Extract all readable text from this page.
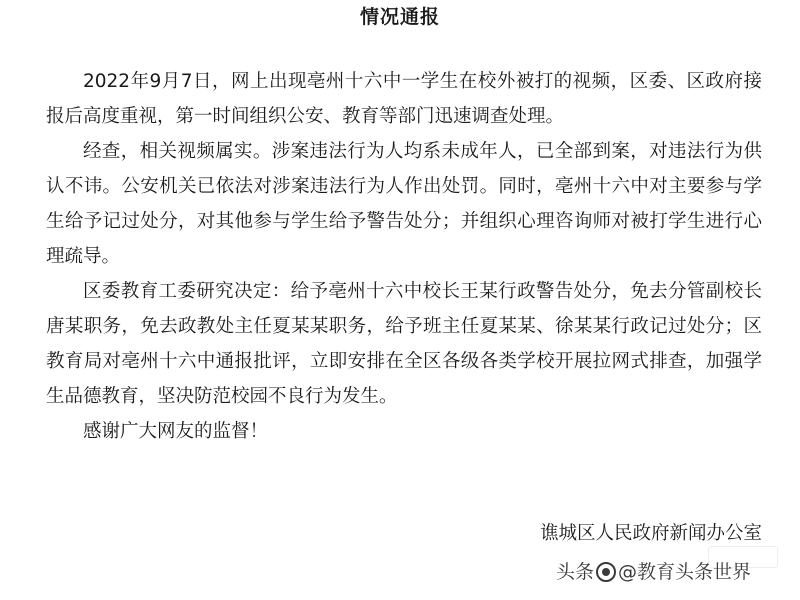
情况通报

2022年9月7日，网上出现亳州十六中一学生在校外被打的视频，区委、区政府接报后高度重视，第一时间组织公安、教育等部门迅速调查处理。

经查，相关视频属实。涉案违法行为人均系未成年人，已全部到案，对违法行为供认不讳。公安机关已依法对涉案违法行为人作出处罚。同时，亳州十六中对主要参与学生给予记过处分，对其他参与学生给予警告处分；并组织心理咨询师对被打学生进行心理疏导。

区委教育工委研究决定：给予亳州十六中校长王某行政警告处分，免去分管副校长唐某职务，免去政教处主任夏某某职务，给予班主任夏某某、徐某某行政记过处分；区教育局对亳州十六中通报批评，立即安排在全区各级各类学校开展拉网式排查，加强学生品德教育，坚决防范校园不良行为发生。

感谢广大网友的监督！

谯城区人民政府新闻办公室
头条 @教育头条世界
